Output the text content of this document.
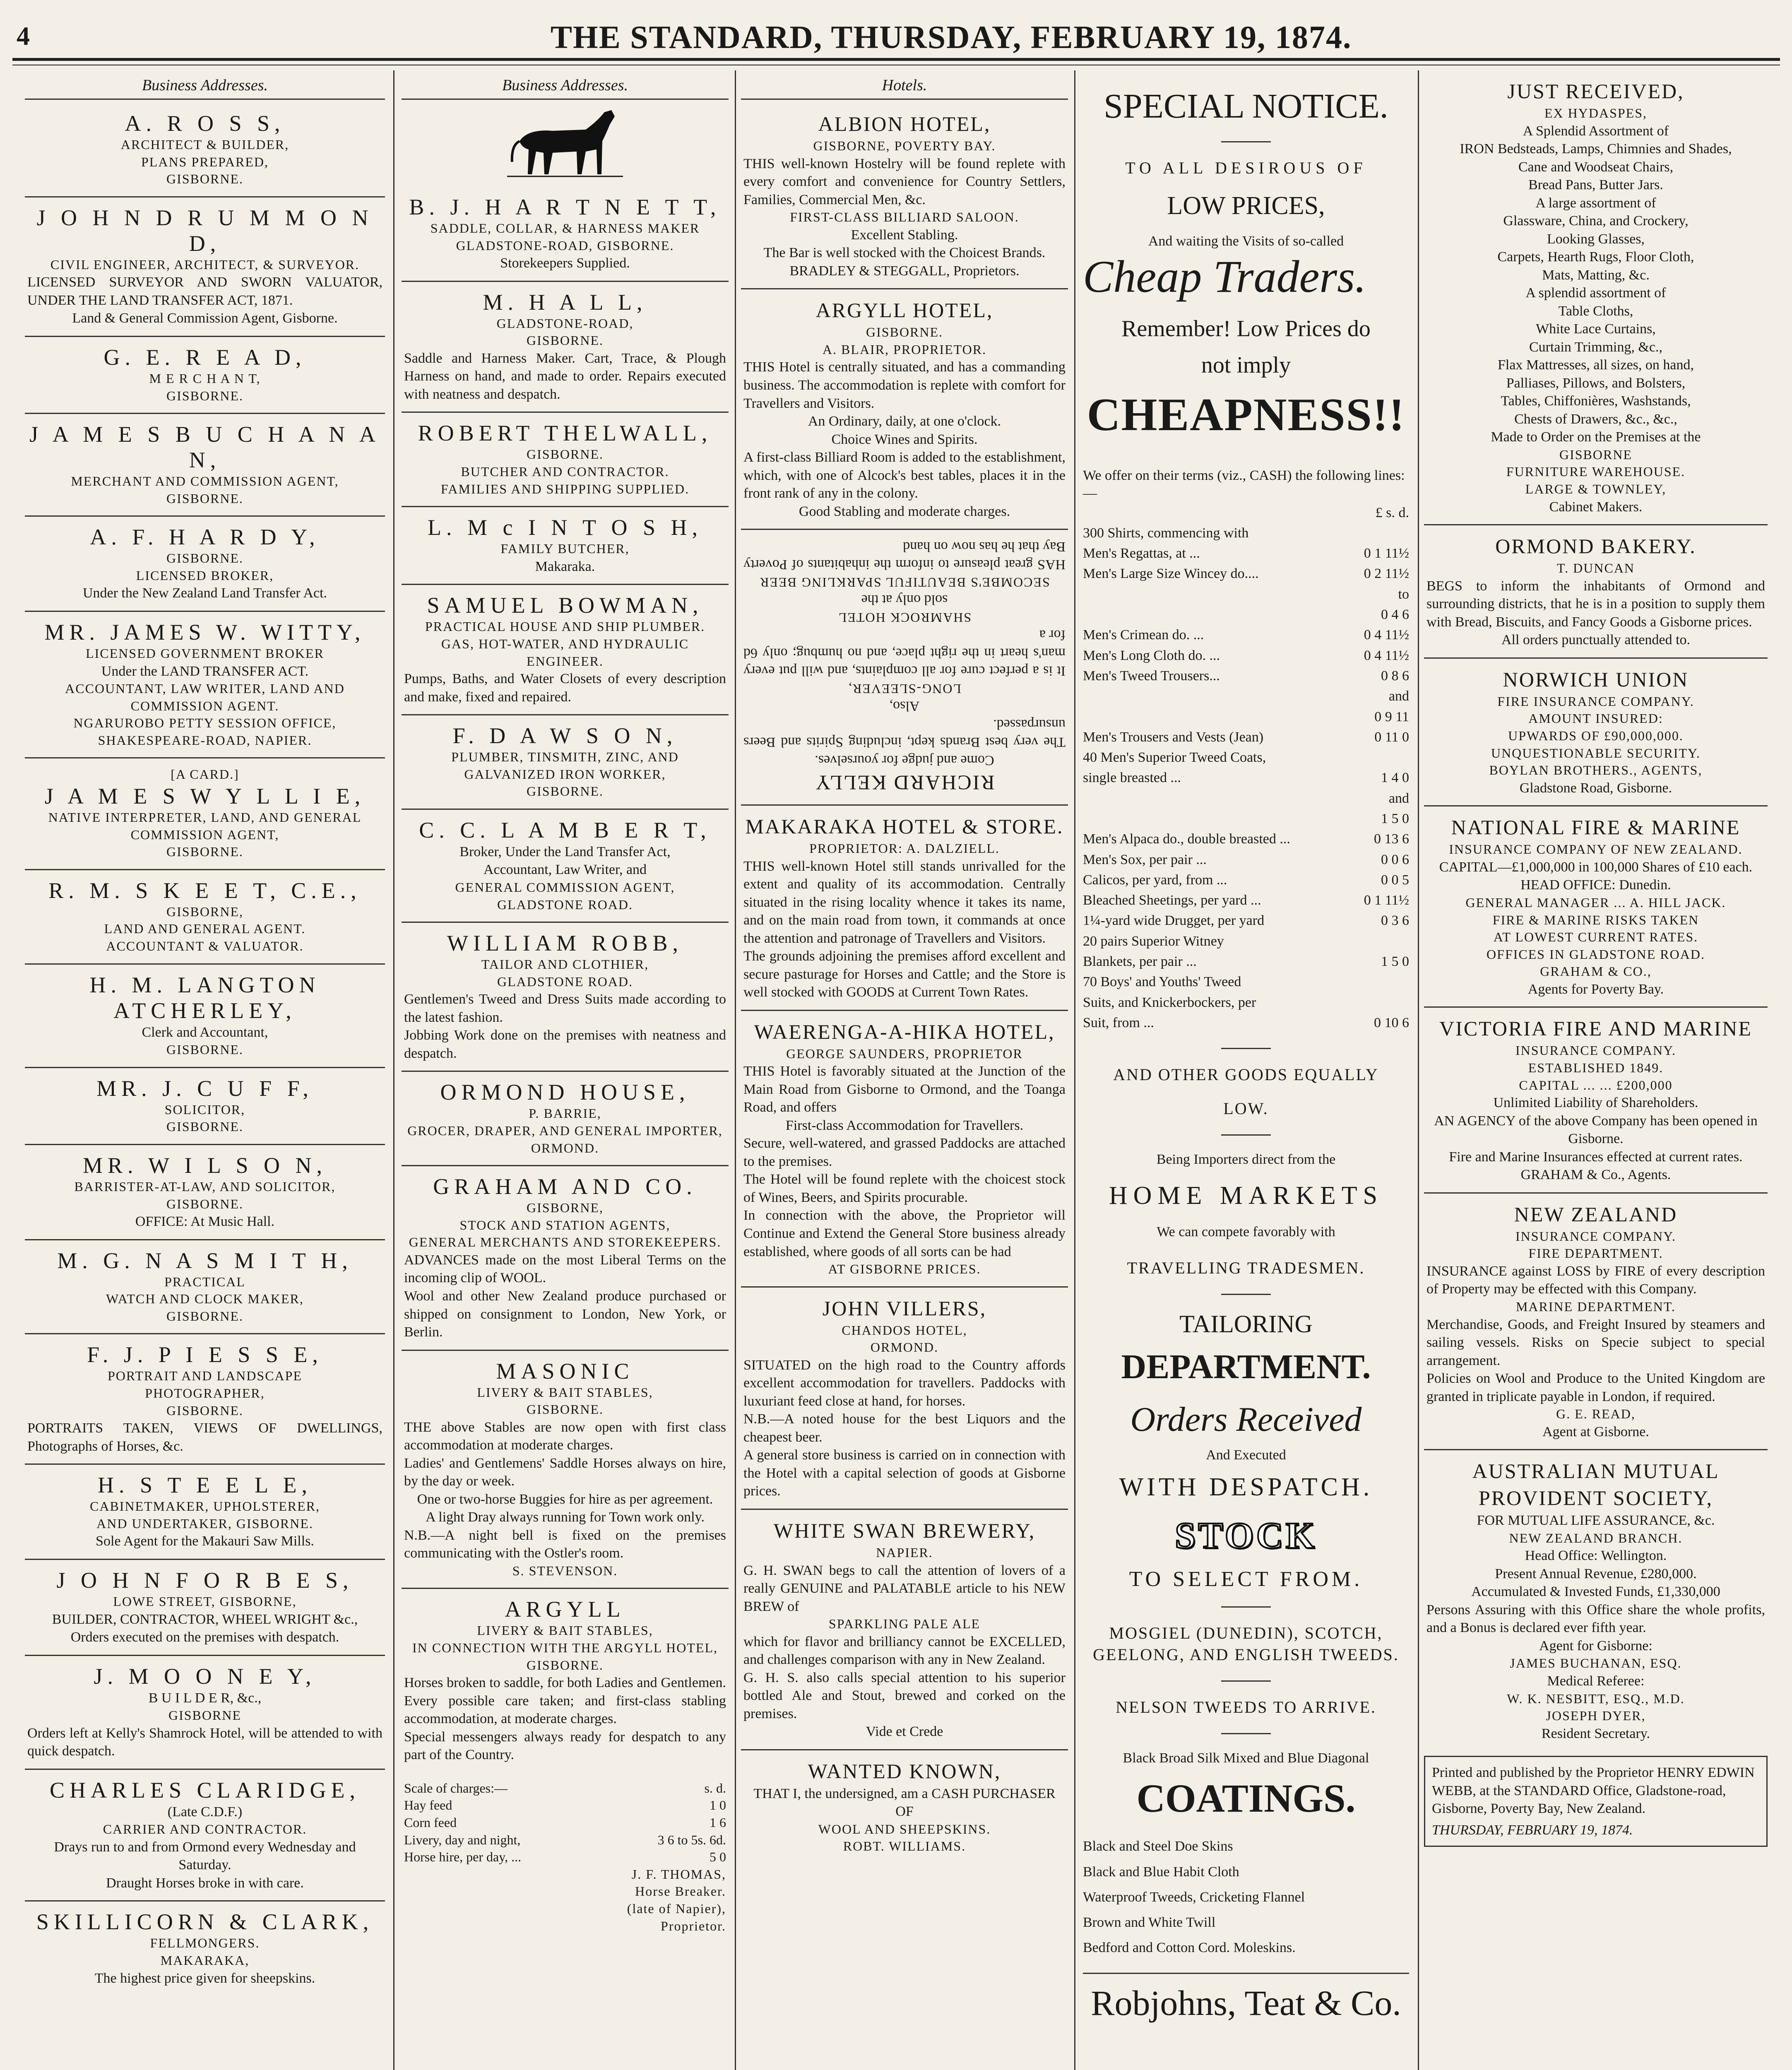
4	THE STANDARD, THURSDAY, FEBRUARY 19, 1874.
Business Addresses.
A. R O S S,
ARCHITECT & BUILDER,
PLANS PREPARED,
GISBORNE.
J O H N D R U M M O N D,
CIVIL ENGINEER, ARCHITECT, & SURVEYOR.
LICENSED SURVEYOR AND SWORN VALUATOR, UNDER THE LAND TRANSFER ACT, 1871.
Land & General Commission Agent, Gisborne.
G. E. R E A D,
M E R C H A N T,
GISBORNE.
J A M E S B U C H A N A N,
MERCHANT AND COMMISSION AGENT,
GISBORNE.
A. F. H A R D Y,
GISBORNE.
LICENSED BROKER,
Under the New Zealand Land Transfer Act.
MR. JAMES W. WITTY,
LICENSED GOVERNMENT BROKER
Under the LAND TRANSFER ACT.
ACCOUNTANT, LAW WRITER, LAND AND COMMISSION AGENT.
NGARUROBO PETTY SESSION OFFICE,
SHAKESPEARE-ROAD, NAPIER.
[A CARD.]
J A M E S W Y L L I E,
NATIVE INTERPRETER, LAND, AND GENERAL COMMISSION AGENT,
GISBORNE.
R. M. S K E E T, C.E.,
GISBORNE,
LAND AND GENERAL AGENT.
ACCOUNTANT & VALUATOR.
H. M. LANGTON ATCHERLEY,
Clerk and Accountant,
GISBORNE.
MR. J. C U F F,
SOLICITOR,
GISBORNE.
MR. W I L S O N,
BARRISTER-AT-LAW, AND SOLICITOR,
GISBORNE.
OFFICE: At Music Hall.
M. G. N A S M I T H,
PRACTICAL
WATCH AND CLOCK MAKER,
GISBORNE.
F. J. P I E S S E,
PORTRAIT AND LANDSCAPE
PHOTOGRAPHER,
GISBORNE.
PORTRAITS TAKEN, VIEWS OF DWELLINGS, Photographs of Horses, &c.
H. S T E E L E,
CABINETMAKER, UPHOLSTERER,
AND UNDERTAKER, GISBORNE.
Sole Agent for the Makauri Saw Mills.
J O H N F O R B E S,
LOWE STREET, GISBORNE,
BUILDER, CONTRACTOR, WHEEL WRIGHT &c.,
Orders executed on the premises with despatch.
J. M O O N E Y,
B U I L D E R, &c.,
GISBORNE
Orders left at Kelly's Shamrock Hotel, will be attended to with quick despatch.
CHARLES CLARIDGE,
(Late C.D.F.)
CARRIER AND CONTRACTOR.
Drays run to and from Ormond every Wednesday and Saturday.
Draught Horses broke in with care.
SKILLICORN & CLARK,
FELLMONGERS.
MAKARAKA,
The highest price given for sheepskins.
Business Addresses.
B. J. H A R T N E T T,
SADDLE, COLLAR, & HARNESS MAKER
GLADSTONE-ROAD, GISBORNE.
Storekeepers Supplied.
M. H A L L,
GLADSTONE-ROAD,
GISBORNE.
Saddle and Harness Maker. Cart, Trace, & Plough Harness on hand, and made to order. Repairs executed with neatness and despatch.
ROBERT THELWALL,
GISBORNE.
BUTCHER AND CONTRACTOR.
FAMILIES AND SHIPPING SUPPLIED.
L. M c I N T O S H,
FAMILY BUTCHER,
Makaraka.
SAMUEL BOWMAN,
PRACTICAL HOUSE AND SHIP PLUMBER.
GAS, HOT-WATER, AND HYDRAULIC ENGINEER.
Pumps, Baths, and Water Closets of every description and make, fixed and repaired.
F. D A W S O N,
PLUMBER, TINSMITH, ZINC, AND GALVANIZED IRON WORKER,
GISBORNE.
C. C. L A M B E R T,
Broker, Under the Land Transfer Act,
Accountant, Law Writer, and
GENERAL COMMISSION AGENT,
GLADSTONE ROAD.
WILLIAM ROBB,
TAILOR AND CLOTHIER,
GLADSTONE ROAD.
Gentlemen's Tweed and Dress Suits made according to the latest fashion.
Jobbing Work done on the premises with neatness and despatch.
ORMOND HOUSE,
P. BARRIE,
GROCER, DRAPER, AND GENERAL IMPORTER,
ORMOND.
GRAHAM AND CO.
GISBORNE,
STOCK AND STATION AGENTS,
GENERAL MERCHANTS AND STOREKEEPERS.
ADVANCES made on the most Liberal Terms on the incoming clip of WOOL.
Wool and other New Zealand produce purchased or shipped on consignment to London, New York, or Berlin.
MASONIC
LIVERY & BAIT STABLES,
GISBORNE.
THE above Stables are now open with first class accommodation at moderate charges.
Ladies' and Gentlemens' Saddle Horses always on hire, by the day or week.
One or two-horse Buggies for hire as per agreement.
A light Dray always running for Town work only.
N.B.—A night bell is fixed on the premises communicating with the Ostler's room.
S. STEVENSON.
ARGYLL
LIVERY & BAIT STABLES,
IN CONNECTION WITH THE ARGYLL HOTEL,
GISBORNE.
Horses broken to saddle, for both Ladies and Gentlemen. Every possible care taken; and first-class stabling accommodation, at moderate charges.
Special messengers always ready for despatch to any part of the Country.
Scale of charges:—	s. d.
Hay feed	1 0
Corn feed	1 6
Livery, day and night,	3 6 to 5s. 6d.
Horse hire, per day, ...	5 0
J. F. THOMAS,
Horse Breaker.
(late of Napier),
Proprietor.
Hotels.
ALBION HOTEL,
GISBORNE, POVERTY BAY.
THIS well-known Hostelry will be found replete with every comfort and convenience for Country Settlers, Families, Commercial Men, &c.
FIRST-CLASS BILLIARD SALOON.
Excellent Stabling.
The Bar is well stocked with the Choicest Brands.
BRADLEY & STEGGALL, Proprietors.
ARGYLL HOTEL,
GISBORNE.
A. BLAIR, PROPRIETOR.
THIS Hotel is centrally situated, and has a commanding business. The accommodation is replete with comfort for Travellers and Visitors.
An Ordinary, daily, at one o'clock.
Choice Wines and Spirits.
A first-class Billiard Room is added to the establishment, which, with one of Alcock's best tables, places it in the front rank of any in the colony.
Good Stabling and moderate charges.
RICHARD KELLY
Come and judge for yourselves.
The very best Brands kept, including Spirits and Beers unsurpassed.
Also,
LONG-SLEEVER,
It is a perfect cure for all complaints, and will put every man's heart in the right place, and no humbug; only 6d for a
SHAMROCK HOTEL
sold only at the
SECOMBE'S BEAUTIFUL SPARKLING BEER
HAS great pleasure to inform the inhabitants of Poverty Bay that he has now on hand
MAKARAKA HOTEL & STORE.
PROPRIETOR: A. DALZIELL.
THIS well-known Hotel still stands unrivalled for the extent and quality of its accommodation. Centrally situated in the rising locality whence it takes its name, and on the main road from town, it commands at once the attention and patronage of Travellers and Visitors.
The grounds adjoining the premises afford excellent and secure pasturage for Horses and Cattle; and the Store is well stocked with GOODS at Current Town Rates.
WAERENGA-A-HIKA HOTEL,
GEORGE SAUNDERS, PROPRIETOR
THIS Hotel is favorably situated at the Junction of the Main Road from Gisborne to Ormond, and the Toanga Road, and offers
First-class Accommodation for Travellers.
Secure, well-watered, and grassed Paddocks are attached to the premises.
The Hotel will be found replete with the choicest stock of Wines, Beers, and Spirits procurable.
In connection with the above, the Proprietor will Continue and Extend the General Store business already established, where goods of all sorts can be had
AT GISBORNE PRICES.
JOHN VILLERS,
CHANDOS HOTEL,
ORMOND.
SITUATED on the high road to the Country affords excellent accommodation for travellers. Paddocks with luxuriant feed close at hand, for horses.
N.B.—A noted house for the best Liquors and the cheapest beer.
A general store business is carried on in connection with the Hotel with a capital selection of goods at Gisborne prices.
WHITE SWAN BREWERY,
NAPIER.
G. H. SWAN begs to call the attention of lovers of a really GENUINE and PALATABLE article to his NEW BREW of
SPARKLING PALE ALE
which for flavor and brilliancy cannot be EXCELLED, and challenges comparison with any in New Zealand.
G. H. S. also calls special attention to his superior bottled Ale and Stout, brewed and corked on the premises.
Vide et Crede
WANTED KNOWN,
THAT I, the undersigned, am a CASH PURCHASER OF
WOOL AND SHEEPSKINS.
ROBT. WILLIAMS.
SPECIAL NOTICE.
TO ALL DESIROUS OF
LOW PRICES,
And waiting the Visits of so-called
Cheap Traders.
Remember! Low Prices do
not imply
CHEAPNESS!!
We offer on their terms (viz., CASH) the following lines:—
£ s. d.
300 Shirts, commencing with
Men's Regattas, at ...	0 1 11½
Men's Large Size Wincey do....	0 2 11½
to
0 4 6
Men's Crimean do. ...	0 4 11½
Men's Long Cloth do. ...	0 4 11½
Men's Tweed Trousers...	0 8 6
and
0 9 11
Men's Trousers and Vests (Jean)	0 11 0
40 Men's Superior Tweed Coats,
single breasted ...	1 4 0
and
1 5 0
Men's Alpaca do., double breasted ...	0 13 6
Men's Sox, per pair ...	0 0 6
Calicos, per yard, from ...	0 0 5
Bleached Sheetings, per yard ...	0 1 11½
1¼-yard wide Drugget, per yard	0 3 6
20 pairs Superior Witney
Blankets, per pair ...	1 5 0
70 Boys' and Youths' Tweed
Suits, and Knickerbockers, per
Suit, from ...	0 10 6
AND OTHER GOODS EQUALLY
LOW.
Being Importers direct from the
HOME MARKETS
We can compete favorably with
TRAVELLING TRADESMEN.
TAILORING
DEPARTMENT.
Orders Received
And Executed
WITH DESPATCH.
STOCK
TO SELECT FROM.
MOSGIEL (DUNEDIN), SCOTCH, GEELONG, AND ENGLISH TWEEDS.
NELSON TWEEDS TO ARRIVE.
Black Broad Silk Mixed and Blue Diagonal
COATINGS.
Black and Steel Doe Skins
Black and Blue Habit Cloth
Waterproof Tweeds, Cricketing Flannel
Brown and White Twill
Bedford and Cotton Cord. Moleskins.
Robjohns, Teat & Co.
JUST RECEIVED,
EX HYDASPES,
A Splendid Assortment of
IRON Bedsteads, Lamps, Chimnies and Shades,
Cane and Woodseat Chairs,
Bread Pans, Butter Jars.
A large assortment of
Glassware, China, and Crockery,
Looking Glasses,
Carpets, Hearth Rugs, Floor Cloth,
Mats, Matting, &c.
A splendid assortment of
Table Cloths,
White Lace Curtains,
Curtain Trimming, &c.,
Flax Mattresses, all sizes, on hand,
Palliases, Pillows, and Bolsters,
Tables, Chiffonières, Washstands,
Chests of Drawers, &c., &c.,
Made to Order on the Premises at the
GISBORNE
FURNITURE WAREHOUSE.
LARGE & TOWNLEY,
Cabinet Makers.
ORMOND BAKERY.
T. DUNCAN
BEGS to inform the inhabitants of Ormond and surrounding districts, that he is in a position to supply them with Bread, Biscuits, and Fancy Goods a Gisborne prices.
All orders punctually attended to.
NORWICH UNION
FIRE INSURANCE COMPANY.
AMOUNT INSURED:
UPWARDS OF £90,000,000.
UNQUESTIONABLE SECURITY.
BOYLAN BROTHERS., AGENTS,
Gladstone Road, Gisborne.
NATIONAL FIRE & MARINE
INSURANCE COMPANY OF NEW ZEALAND.
CAPITAL—£1,000,000 in 100,000 Shares of £10 each.
HEAD OFFICE: Dunedin.
GENERAL MANAGER ... A. HILL JACK.
FIRE & MARINE RISKS TAKEN
AT LOWEST CURRENT RATES.
OFFICES IN GLADSTONE ROAD.
GRAHAM & CO.,
Agents for Poverty Bay.
VICTORIA FIRE AND MARINE
INSURANCE COMPANY.
ESTABLISHED 1849.
CAPITAL ... ... £200,000
Unlimited Liability of Shareholders.
AN AGENCY of the above Company has been opened in Gisborne.
Fire and Marine Insurances effected at current rates.
GRAHAM & Co., Agents.
NEW ZEALAND
INSURANCE COMPANY.
FIRE DEPARTMENT.
INSURANCE against LOSS by FIRE of every description of Property may be effected with this Company.
MARINE DEPARTMENT.
Merchandise, Goods, and Freight Insured by steamers and sailing vessels. Risks on Specie subject to special arrangement.
Policies on Wool and Produce to the United Kingdom are granted in triplicate payable in London, if required.
G. E. READ,
Agent at Gisborne.
AUSTRALIAN MUTUAL PROVIDENT SOCIETY,
FOR MUTUAL LIFE ASSURANCE, &c.
NEW ZEALAND BRANCH.
Head Office: Wellington.
Present Annual Revenue, £280,000.
Accumulated & Invested Funds, £1,330,000
Persons Assuring with this Office share the whole profits, and a Bonus is declared ever fifth year.
Agent for Gisborne:
JAMES BUCHANAN, ESQ.
Medical Referee:
W. K. NESBITT, ESQ., M.D.
JOSEPH DYER,
Resident Secretary.
Printed and published by the Proprietor HENRY EDWIN WEBB, at the STANDARD Office, Gladstone-road, Gisborne, Poverty Bay, New Zealand.
THURSDAY, FEBRUARY 19, 1874.
